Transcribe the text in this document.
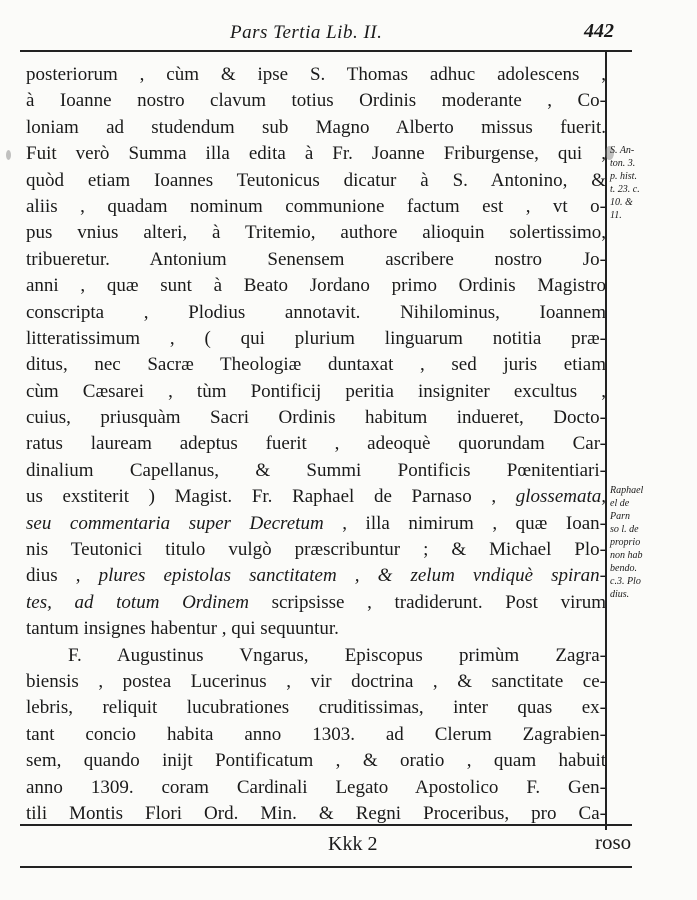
Pars Tertia Lib. II.	442
posteriorum , cùm & ipse S. Thomas adhuc adolescens ,
à Ioanne nostro clavum totius Ordinis moderante , Co-
loniam ad studendum sub Magno Alberto missus fuerit.
Fuit verò Summa illa edita à Fr. Joanne Friburgense, qui ,
quòd etiam Ioannes Teutonicus dicatur à S. Antonino, &
aliis , quadam nominum communione factum est , vt o-
pus vnius alteri, à Tritemio, authore alioquin solertissimo,
tribueretur. Antonium Senensem ascribere nostro Jo-
anni , quæ sunt à Beato Jordano primo Ordinis Magistro
conscripta , Plodius annotavit. Nihilominus, Ioannem
litteratissimum , ( qui plurium linguarum notitia præ-
ditus, nec Sacræ Theologiæ duntaxat , sed juris etiam
cùm Cæsarei , tùm Pontificij peritia insigniter excultus ,
cuius, priusquàm Sacri Ordinis habitum indueret, Docto-
ratus lauream adeptus fuerit , adeoquè quorundam Car-
dinalium Capellanus, & Summi Pontificis Pœnitentiari-
us exstiterit ) Magist. Fr. Raphael de Parnaso , glossemata,
seu commentaria super Decretum , illa nimirum , quæ Ioan-
nis Teutonici titulo vulgò præscribuntur ; & Michael Plo-
dius , plures epistolas sanctitatem , & zelum vndiquè spiran-
tes, ad totum Ordinem scripsisse , tradiderunt. Post virum
tantum insignes habentur , qui sequuntur.
F. Augustinus Vngarus, Episcopus primùm Zagra-
biensis , postea Lucerinus , vir doctrina , & sanctitate ce-
lebris, reliquit lucubrationes cruditissimas, inter quas ex-
tant concio habita anno 1303. ad Clerum Zagrabien-
sem, quando inijt Pontificatum , & oratio , quam habuit
anno 1309. coram Cardinali Legato Apostolico F. Gen-
tili Montis Flori Ord. Min. & Regni Proceribus, pro Ca-
S. An-
ton. 3.
p. hist.
t. 23. c.
10. &
11.
Raphael
el de
Parn
so l. de
proprio
non hab
bendo.
c.3. Plo
dius.
Kkk 2	roso
